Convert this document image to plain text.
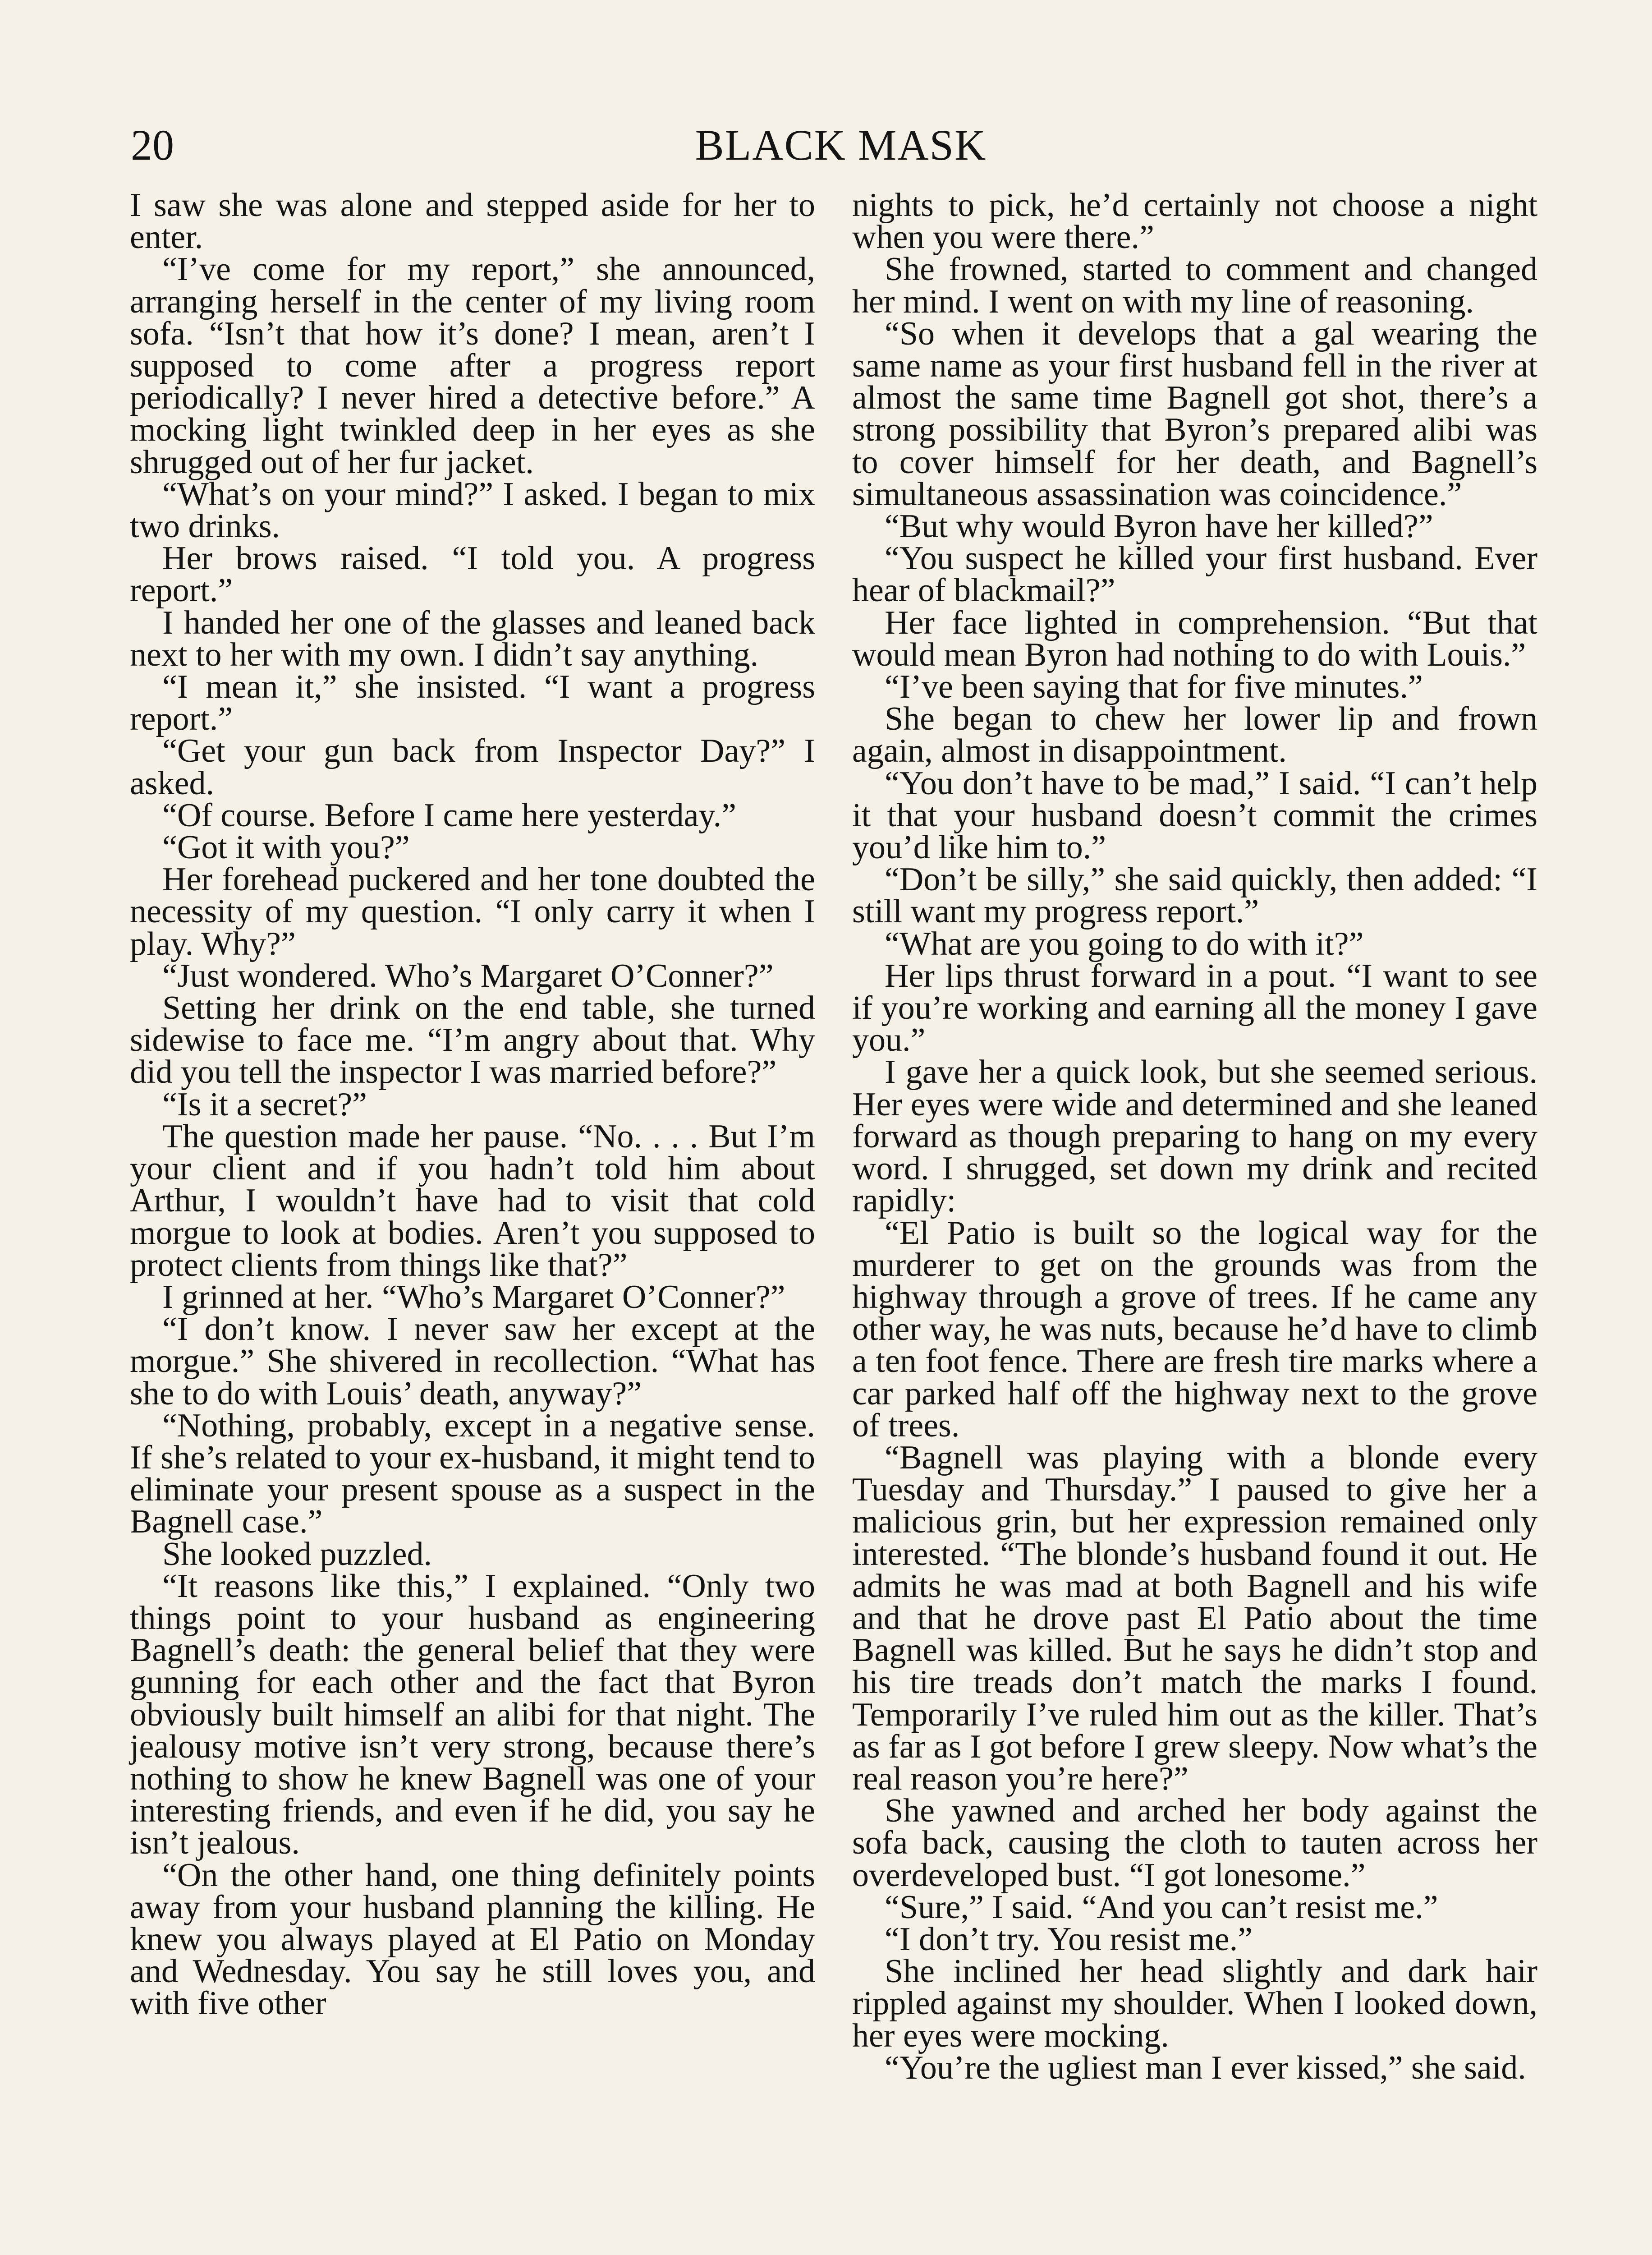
20	BLACK MASK

I saw she was alone and stepped aside for her to enter.

“I’ve come for my report,” she announced, arranging herself in the center of my living room sofa. “Isn’t that how it’s done? I mean, aren’t I supposed to come after a progress report periodically? I never hired a detective before.” A mocking light twinkled deep in her eyes as she shrugged out of her fur jacket.

“What’s on your mind?” I asked. I began to mix two drinks.

Her brows raised. “I told you. A progress report.”

I handed her one of the glasses and leaned back next to her with my own. I didn’t say anything.

“I mean it,” she insisted. “I want a progress report.”

“Get your gun back from Inspector Day?” I asked.

“Of course. Before I came here yesterday.”

“Got it with you?”

Her forehead puckered and her tone doubted the necessity of my question. “I only carry it when I play. Why?”

“Just wondered. Who’s Margaret O’Conner?”

Setting her drink on the end table, she turned sidewise to face me. “I’m angry about that. Why did you tell the inspector I was married before?”

“Is it a secret?”

The question made her pause. “No. . . . But I’m your client and if you hadn’t told him about Arthur, I wouldn’t have had to visit that cold morgue to look at bodies. Aren’t you supposed to protect clients from things like that?”

I grinned at her. “Who’s Margaret O’Conner?”

“I don’t know. I never saw her except at the morgue.” She shivered in recollection. “What has she to do with Louis’ death, anyway?”

“Nothing, probably, except in a negative sense. If she’s related to your ex-husband, it might tend to eliminate your present spouse as a suspect in the Bagnell case.”

She looked puzzled.

“It reasons like this,” I explained. “Only two things point to your husband as engineering Bagnell’s death: the general belief that they were gunning for each other and the fact that Byron obviously built himself an alibi for that night. The jealousy motive isn’t very strong, because there’s nothing to show he knew Bagnell was one of your interesting friends, and even if he did, you say he isn’t jealous.

“On the other hand, one thing definitely points away from your husband planning the killing. He knew you always played at El Patio on Monday and Wednesday. You say he still loves you, and with five other

nights to pick, he’d certainly not choose a night when you were there.”

She frowned, started to comment and changed her mind. I went on with my line of reasoning.

“So when it develops that a gal wearing the same name as your first husband fell in the river at almost the same time Bagnell got shot, there’s a strong possibility that Byron’s prepared alibi was to cover himself for her death, and Bagnell’s simultaneous assassination was coincidence.”

“But why would Byron have her killed?”

“You suspect he killed your first husband. Ever hear of blackmail?”

Her face lighted in comprehension. “But that would mean Byron had nothing to do with Louis.”

“I’ve been saying that for five minutes.”

She began to chew her lower lip and frown again, almost in disappointment.

“You don’t have to be mad,” I said. “I can’t help it that your husband doesn’t commit the crimes you’d like him to.”

“Don’t be silly,” she said quickly, then added: “I still want my progress report.”

“What are you going to do with it?”

Her lips thrust forward in a pout. “I want to see if you’re working and earning all the money I gave you.”

I gave her a quick look, but she seemed serious. Her eyes were wide and determined and she leaned forward as though preparing to hang on my every word. I shrugged, set down my drink and recited rapidly:

“El Patio is built so the logical way for the murderer to get on the grounds was from the highway through a grove of trees. If he came any other way, he was nuts, because he’d have to climb a ten foot fence. There are fresh tire marks where a car parked half off the highway next to the grove of trees.

“Bagnell was playing with a blonde every Tuesday and Thursday.” I paused to give her a malicious grin, but her expression remained only interested. “The blonde’s husband found it out. He admits he was mad at both Bagnell and his wife and that he drove past El Patio about the time Bagnell was killed. But he says he didn’t stop and his tire treads don’t match the marks I found. Temporarily I’ve ruled him out as the killer. That’s as far as I got before I grew sleepy. Now what’s the real reason you’re here?”

She yawned and arched her body against the sofa back, causing the cloth to tauten across her overdeveloped bust. “I got lonesome.”

“Sure,” I said. “And you can’t resist me.”

“I don’t try. You resist me.”

She inclined her head slightly and dark hair rippled against my shoulder. When I looked down, her eyes were mocking.

“You’re the ugliest man I ever kissed,” she said.
